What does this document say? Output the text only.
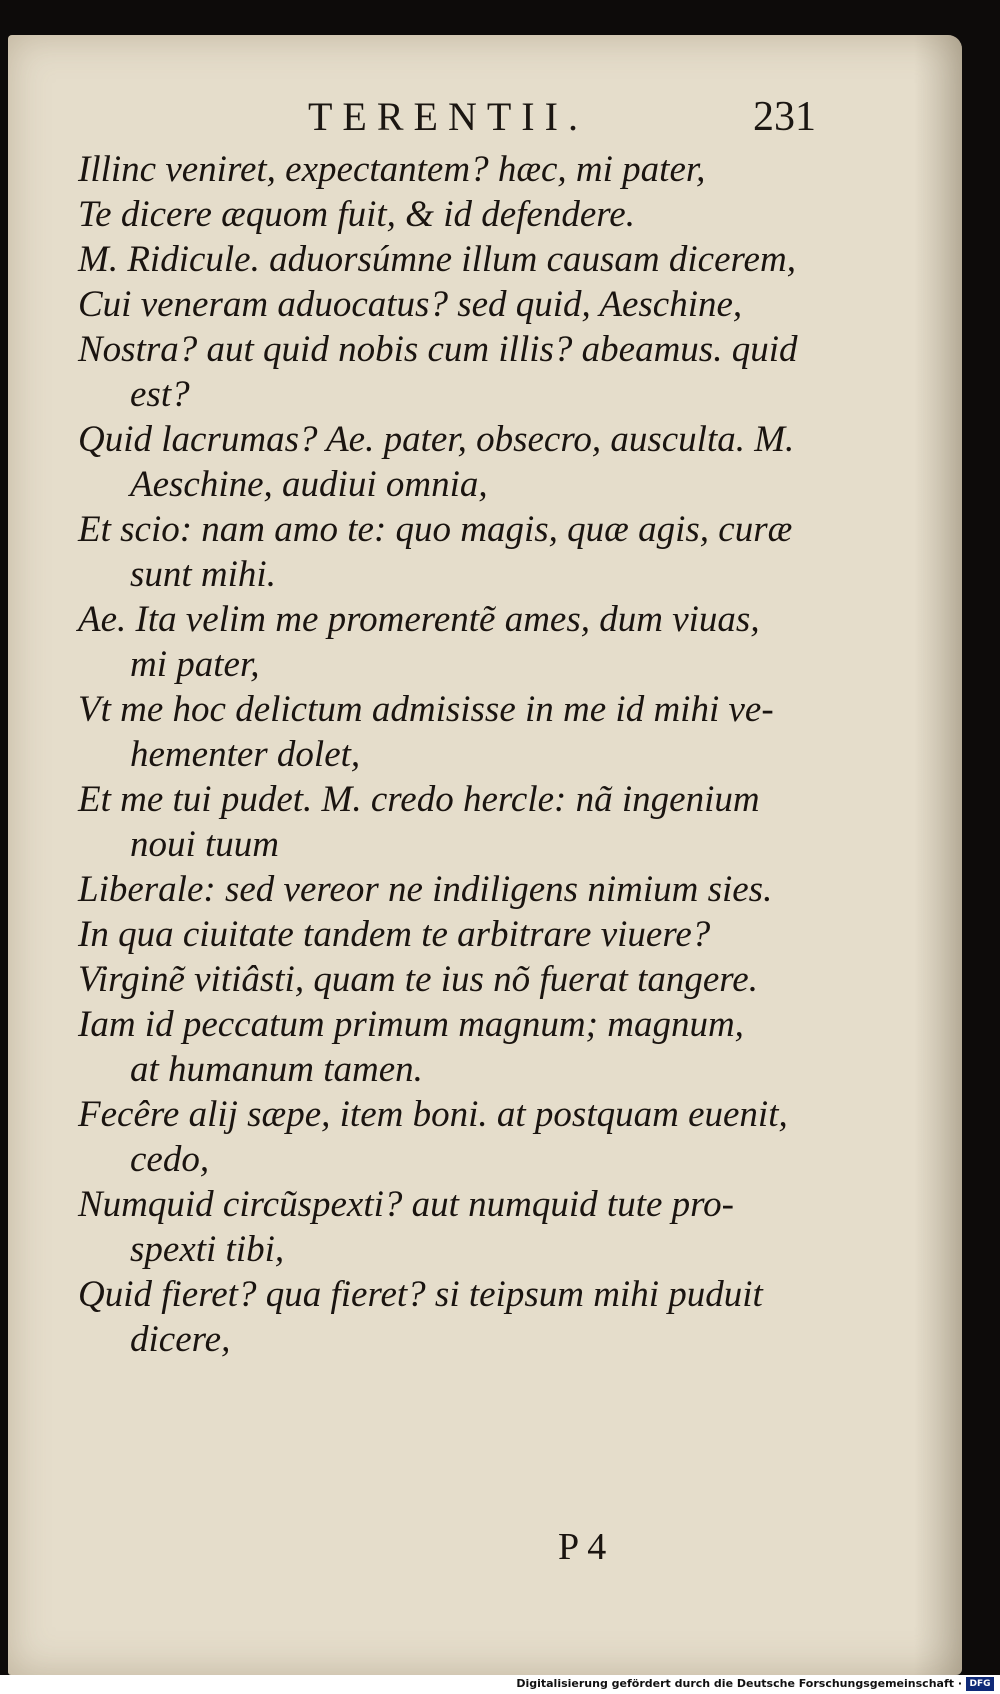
TERENTII.	231
Illinc veniret, expectantem? hæc, mi pater,
Te dicere æquom fuit, & id defendere.
M. Ridicule. aduorsúmne illum causam dicerem,
Cui veneram aduocatus? sed quid, Aeschine,
Nostra? aut quid nobis cum illis? abeamus. quid
est?
Quid lacrumas? Ae. pater, obsecro, ausculta. M.
Aeschine, audiui omnia,
Et scio: nam amo te: quo magis, quæ agis, curæ
sunt mihi.
Ae. Ita velim me promerentẽ ames, dum viuas,
mi pater,
Vt me hoc delictum admisisse in me id mihi ve-
hementer dolet,
Et me tui pudet. M. credo hercle: nã ingenium
noui tuum
Liberale: sed vereor ne indiligens nimium sies.
In qua ciuitate tandem te arbitrare viuere?
Virginẽ vitiâsti, quam te ius nõ fuerat tangere.
Iam id peccatum primum magnum; magnum,
at humanum tamen.
Fecêre alij sæpe, item boni. at postquam euenit,
cedo,
Numquid circũspexti? aut numquid tute pro-
spexti tibi,
Quid fieret? qua fieret? si teipsum mihi puduit
dicere,
P 4
Digitalisierung gefördert durch die Deutsche Forschungsgemeinschaft · DFG
